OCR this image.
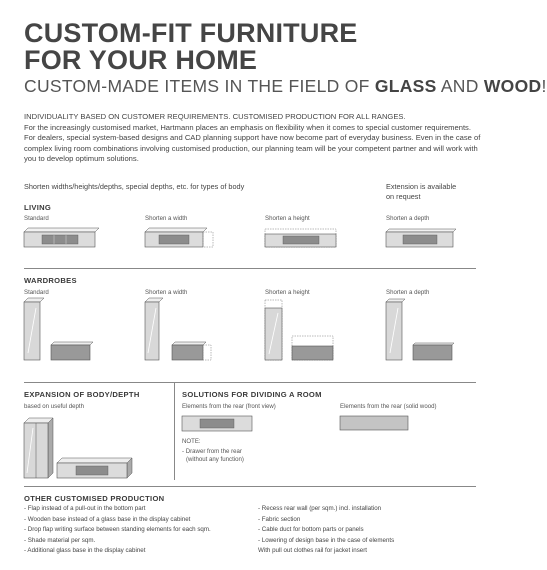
CUSTOM-FIT FURNITURE
FOR YOUR HOME
CUSTOM-MADE ITEMS IN THE FIELD OF GLASS AND WOOD!

INDIVIDUALITY BASED ON CUSTOMER REQUIREMENTS. CUSTOMISED PRODUCTION FOR ALL RANGES.

For the increasingly customised market, Hartmann places an emphasis on flexibility when it comes to special customer requirements. For dealers, special system-based designs and CAD planning support have now become part of everyday business. Even in the case of complex living room combinations involving customised production, our planning team will be your competent partner and will work with you to develop optimum solutions.

Shorten widths/heights/depths, special depths, etc. for types of body	Extension is available
on request
LIVING
Standard	Shorten a width	Shorten a height	Shorten a depth
WARDROBES
Standard	Shorten a width	Shorten a height	Shorten a depth
EXPANSION OF BODY/DEPTH
based on useful depth
SOLUTIONS FOR DIVIDING A ROOM
Elements from the rear (front view)	Elements from the rear (solid wood)
NOTE:
- Drawer from the rear
(without any function)
OTHER CUSTOMISED PRODUCTION
- Flap instead of a pull-out in the bottom part
- Wooden base instead of a glass base in the display cabinet
- Drop flap writing surface between standing elements for each sqm.
- Shade material per sqm.
- Additional glass base in the display cabinet
- Recess rear wall (per sqm.) incl. installation
- Fabric section
- Cable duct for bottom parts or panels
- Lowering of design base in the case of elements
With pull out clothes rail for jacket insert
